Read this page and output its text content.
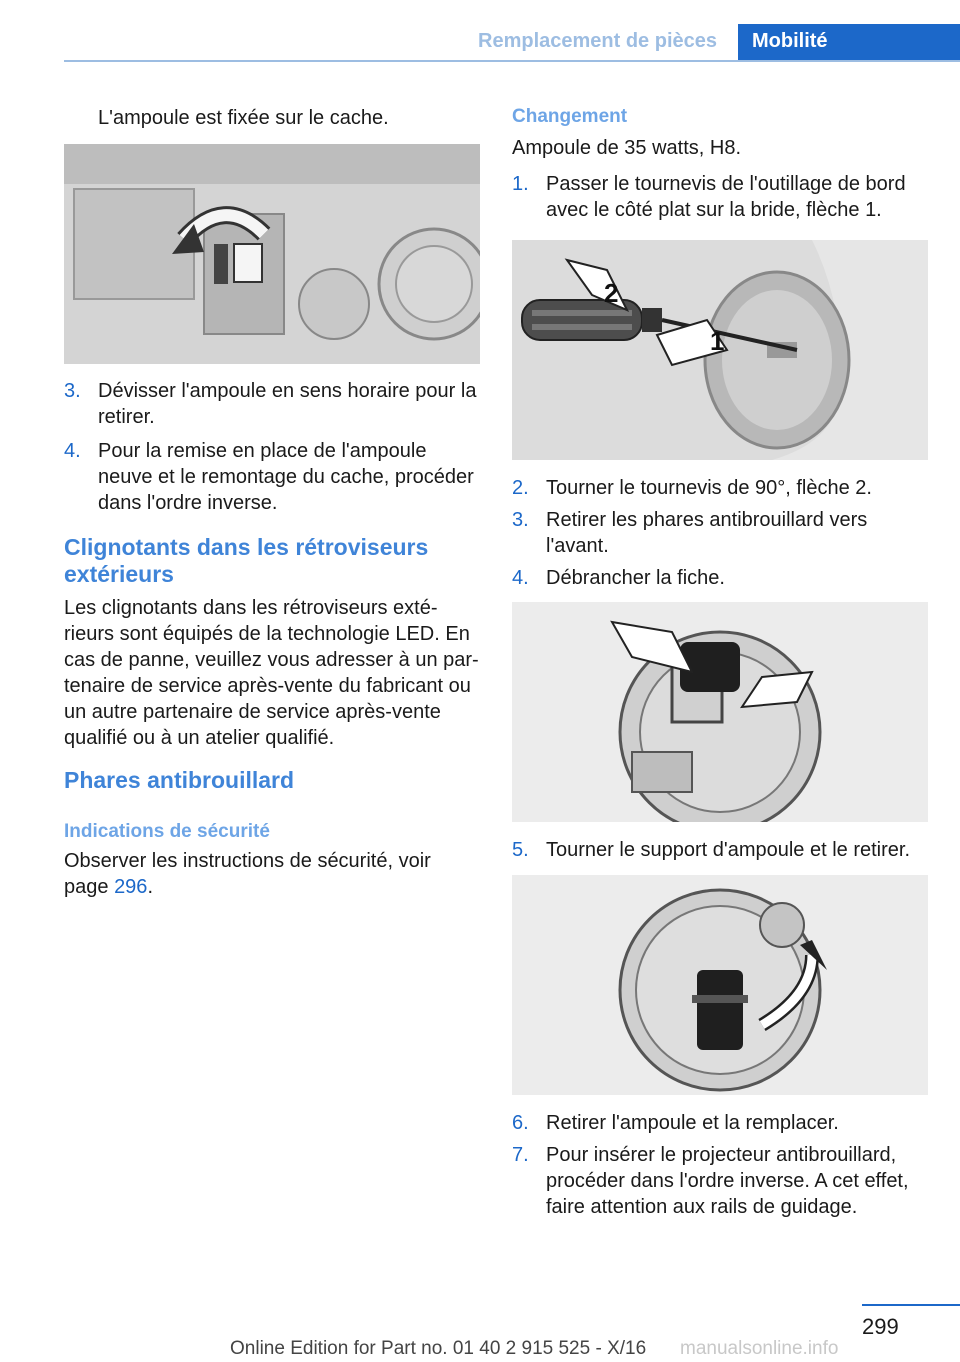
Remplacement de pièces	Mobilité
L'ampoule est fixée sur le cache.
3. Dévisser l'ampoule en sens horaire pour la retirer.
4. Pour la remise en place de l'ampoule neuve et le remontage du cache, procéder dans l'ordre inverse.
Clignotants dans les rétroviseurs extérieurs
Les clignotants dans les rétroviseurs extérieurs sont équipés de la technologie LED. En cas de panne, veuillez vous adresser à un partenaire de service après-vente du fabricant ou un autre partenaire de service après-vente qualifié ou à un atelier qualifié.
Phares antibrouillard
Indications de sécurité
Observer les instructions de sécurité, voir page 296.
Changement
Ampoule de 35 watts, H8.
1. Passer le tournevis de l'outillage de bord avec le côté plat sur la bride, flèche 1.
2
1
2. Tourner le tournevis de 90°, flèche 2.
3. Retirer les phares antibrouillard vers l'avant.
4. Débrancher la fiche.
5. Tourner le support d'ampoule et le retirer.
6. Retirer l'ampoule et la remplacer.
7. Pour insérer le projecteur antibrouillard, procéder dans l'ordre inverse. A cet effet, faire attention aux rails de guidage.
299
Online Edition for Part no. 01 40 2 915 525 - X/16 manualsonline.info
